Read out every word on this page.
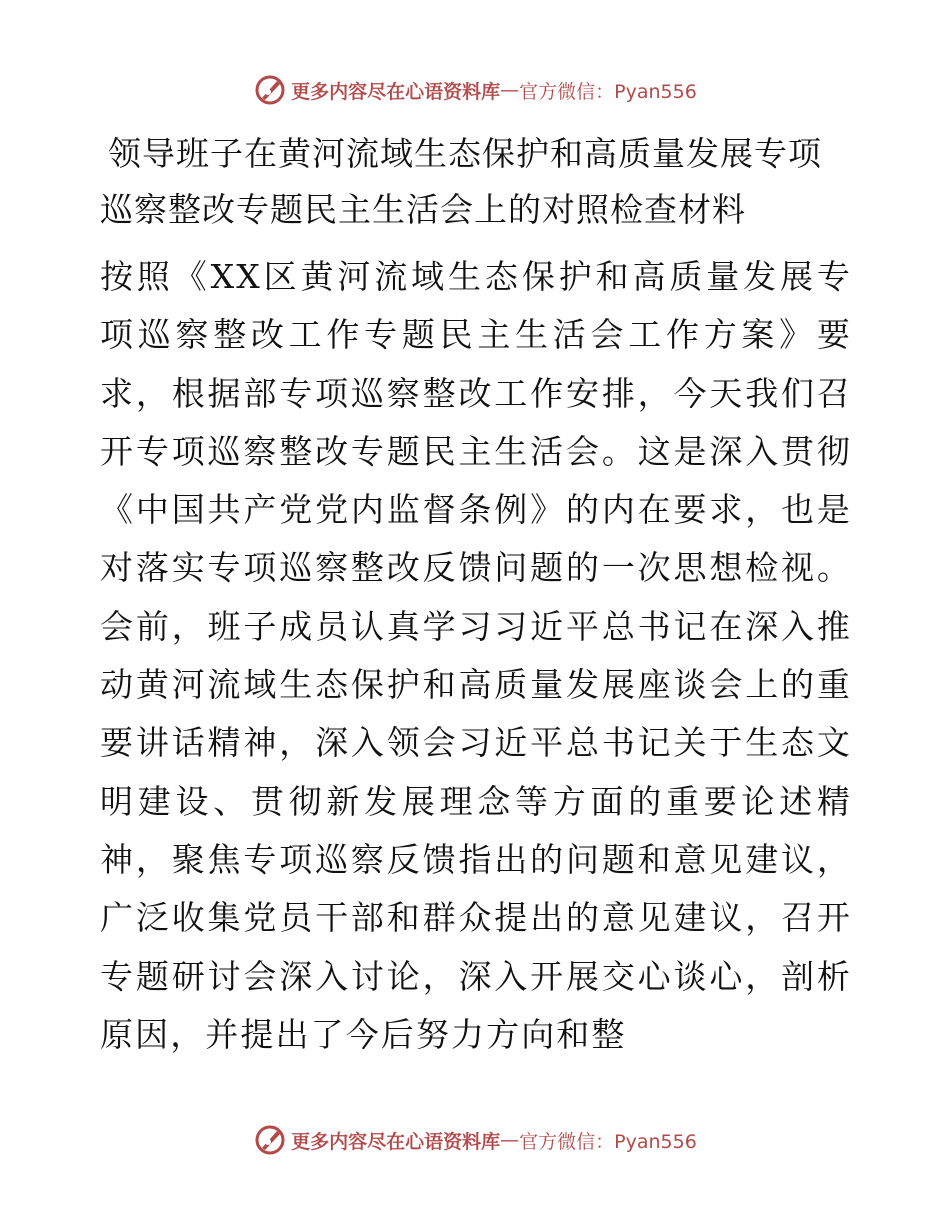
更多内容尽在心语资料库 — 官方微信：Pyan556
领导班子在黄河流域生态保护和高质量发展专项
巡察整改专题民主生活会上的对照检查材料

按照《XX区黄河流域生态保护和高质量发展专项巡察整改工作专题民主生活会工作方案》要求，根据部专项巡察整改工作安排，今天我们召开专项巡察整改专题民主生活会。这是深入贯彻《中国共产党党内监督条例》的内在要求，也是对落实专项巡察整改反馈问题的一次思想检视。会前，班子成员认真学习习近平总书记在深入推动黄河流域生态保护和高质量发展座谈会上的重要讲话精神，深入领会习近平总书记关于生态文明建设、贯彻新发展理念等方面的重要论述精神，聚焦专项巡察反馈指出的问题和意见建议，广泛收集党员干部和群众提出的意见建议，召开专题研讨会深入讨论，深入开展交心谈心，剖析原因，并提出了今后努力方向和整

更多内容尽在心语资料库 — 官方微信：Pyan556
